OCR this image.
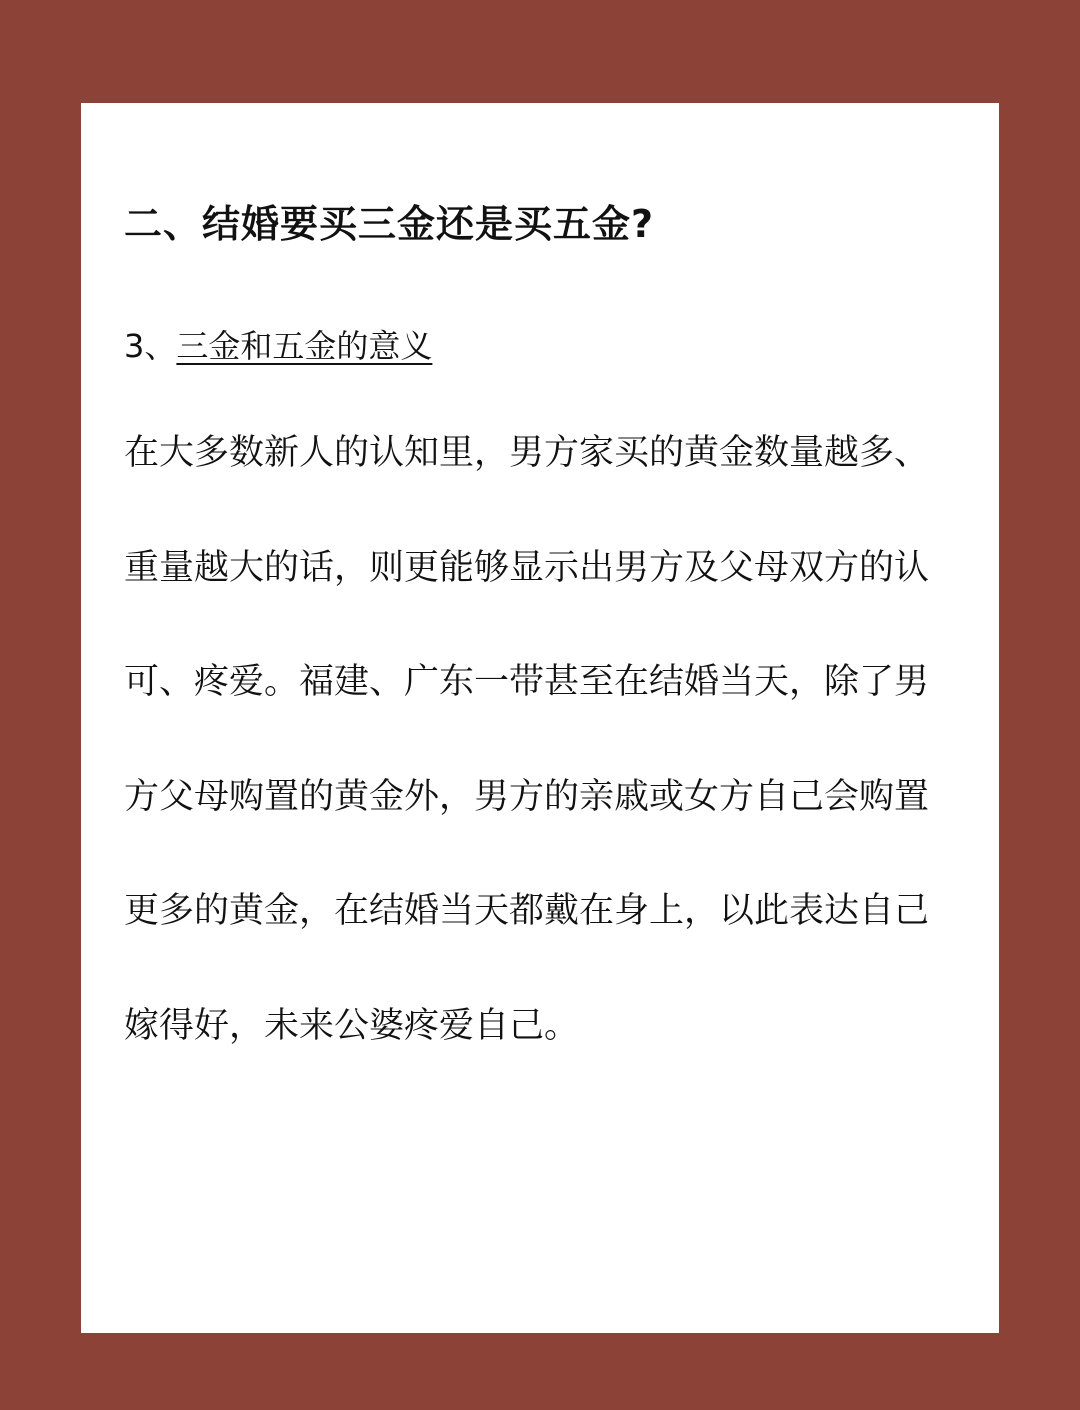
二、结婚要买三金还是买五金?
3、三金和五金的意义
在大多数新人的认知里，男方家买的黄金数量越多、
重量越大的话，则更能够显示出男方及父母双方的认
可、疼爱。福建、广东一带甚至在结婚当天，除了男
方父母购置的黄金外，男方的亲戚或女方自己会购置
更多的黄金，在结婚当天都戴在身上，以此表达自己
嫁得好，未来公婆疼爱自己。
